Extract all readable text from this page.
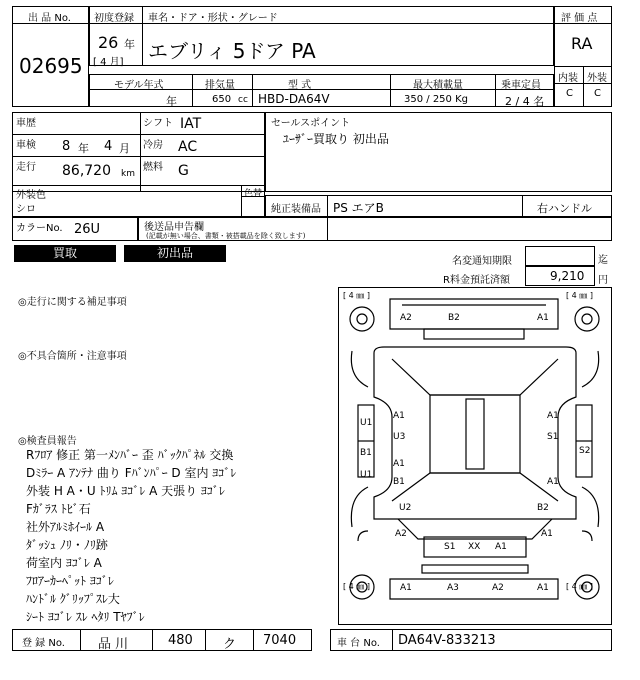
出 品 No.
02695
初度登録 車名・ドア・形状・グレード
26 年
[ 4 月] エブリィ 5ドア PA
評 価 点
RA
内装 外装
C C
モデル年式	排気量	型 式	最大積載量	乗車定員
年	650 cc HBD-DA64V	350 / 250 Kg	2 / 4 名
車歴	シフト IAT
車検 8 年 4 月 冷房 AC
走行 86,720 km
燃料 G
セールスポイント
ﾕｰｻﾞｰ買取り 初出品
外装色
シロ
色替
純正装備品 PS エアB	右ハンドル
カラーNo. 26U	後送品申告欄
(記載が無い場合、書類・被搭載品を除く致します)
買取	初出品
名変通知期限	迄
R料金預託済額	9,210 円
◎走行に関する補足事項
◎不具合箇所・注意事項
◎検査員報告
Rﾌﾛｱ 修正 第一ﾒﾝﾊﾞｰ 歪 ﾊﾞｯｸﾊﾟﾈﾙ 交換
Dﾐﾗｰ A ｱﾝﾃﾅ 曲り Fﾊﾞﾝﾊﾟｰ D 室内 ﾖｺﾞﾚ
外装 H A・U ﾄﾘﾑ ﾖｺﾞﾚ A 天張り ﾖｺﾞﾚ
Fｶﾞﾗｽ ﾄﾋﾞ石
社外ｱﾙﾐﾎｲｰﾙ A
ﾀﾞｯｼｭ ﾉﾘ・ﾉﾘ跡
荷室内 ﾖｺﾞﾚ A
ﾌﾛｱｰｶｰﾍﾟｯﾄ ﾖｺﾞﾚ
ﾊﾝﾄﾞﾙ ｸﾞﾘｯﾌﾟｽﾚ大
ｼｰﾄ ﾖｺﾞﾚ ｽﾚ ﾍﾀﾘ Tﾔﾌﾞﾚ
[ 4 ㎜ ]	[ 4 ㎜ ]
[ 4 ㎜ ]	[ 4 ㎜ ]
A2	B2	A1
U1
A1
U3
B1
A1
U1
B1
A1
S1
S2
A1
U2
A2
B2
A1
S1 XX A1
A1	A3	A2	A1
登 録 No.	品 川	480 ク 7040	車 台 No. DA64V-833213
